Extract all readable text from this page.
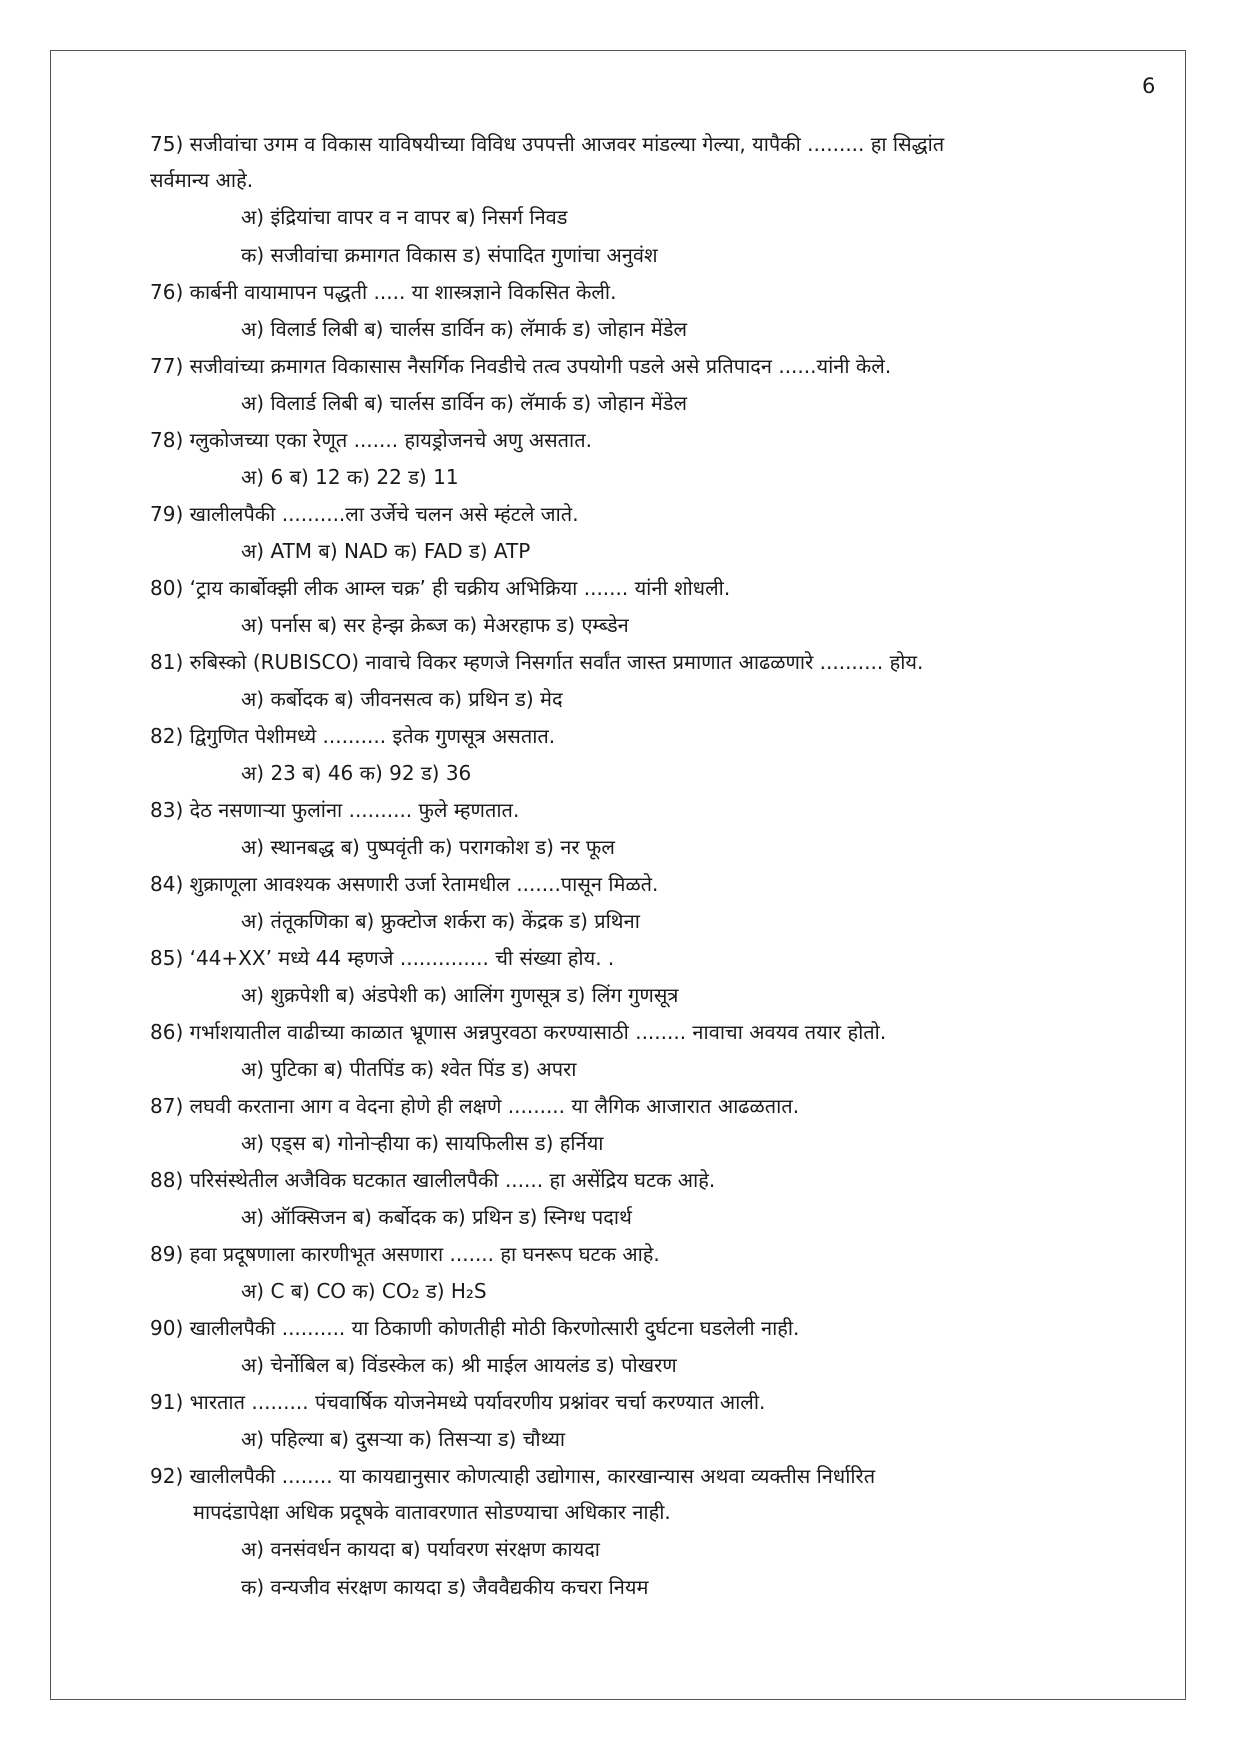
6
75) सजीवांचा उगम व विकास याविषयीच्या विविध उपपत्ती आजवर मांडल्या गेल्या, यापैकी ......... हा सिद्धांत
सर्वमान्य आहे.
अ) इंद्रियांचा वापर व न वापर ब) निसर्ग निवड
क) सजीवांचा क्रमागत विकास ड) संपादित गुणांचा अनुवंश
76) कार्बनी वायामापन पद्धती ..... या शास्त्रज्ञाने विकसित केली.
अ) विलार्ड लिबी ब) चार्लस डार्विन क) लॅमार्क ड) जोहान मेंडेल
77) सजीवांच्या क्रमागत विकासास नैसर्गिक निवडीचे तत्व उपयोगी पडले असे प्रतिपादन ......यांनी केले.
अ) विलार्ड लिबी ब) चार्लस डार्विन क) लॅमार्क ड) जोहान मेंडेल
78) ग्लुकोजच्या एका रेणूत ....... हायड्रोजनचे अणु असतात.
अ) 6 ब) 12 क) 22 ड) 11
79) खालीलपैकी ..........ला उर्जेचे चलन असे म्हंटले जाते.
अ) ATM ब) NAD क) FAD ड) ATP
80) ‘ट्राय कार्बोक्झी लीक आम्ल चक्र’ ही चक्रीय अभिक्रिया ....... यांनी शोधली.
अ) पर्नास ब) सर हेन्झ क्रेब्ज क) मेअरहाफ ड) एम्ब्डेन
81) रुबिस्को (RUBISCO) नावाचे विकर म्हणजे निसर्गात सर्वांत जास्त प्रमाणात आढळणारे .......... होय.
अ) कर्बोदक ब) जीवनसत्व क) प्रथिन ड) मेद
82) द्विगुणित पेशीमध्ये .......... इतेक गुणसूत्र असतात.
अ) 23 ब) 46 क) 92 ड) 36
83) देठ नसणाऱ्या फुलांना .......... फुले म्हणतात.
अ) स्थानबद्ध ब) पुष्पवृंती क) परागकोश ड) नर फूल
84) शुक्राणूला आवश्यक असणारी उर्जा रेतामधील .......पासून मिळते.
अ) तंतूकणिका ब) फ्रुक्टोज शर्करा क) केंद्रक ड) प्रथिना
85) ‘44+XX’ मध्ये 44 म्हणजे .............. ची संख्या होय. .
अ) शुक्रपेशी ब) अंडपेशी क) आलिंग गुणसूत्र ड) लिंग गुणसूत्र
86) गर्भाशयातील वाढीच्या काळात भ्रूणास अन्नपुरवठा करण्यासाठी ........ नावाचा अवयव तयार होतो.
अ) पुटिका ब) पीतपिंड क) श्वेत पिंड ड) अपरा
87) लघवी करताना आग व वेदना होणे ही लक्षणे ......... या लैगिक आजारात आढळतात.
अ) एड्स ब) गोनोऱ्हीया क) सायफिलीस ड) हर्निया
88) परिसंस्थेतील अजैविक घटकात खालीलपैकी ...... हा असेंद्रिय घटक आहे.
अ) ऑक्सिजन ब) कर्बोदक क) प्रथिन ड) स्निग्ध पदार्थ
89) हवा प्रदूषणाला कारणीभूत असणारा ....... हा घनरूप घटक आहे.
अ) C ब) CO क) CO₂ ड) H₂S
90) खालीलपैकी .......... या ठिकाणी कोणतीही मोठी किरणोत्सारी दुर्घटना घडलेली नाही.
अ) चेर्नोबिल ब) विंडस्केल क) श्री माईल आयलंड ड) पोखरण
91) भारतात ......... पंचवार्षिक योजनेमध्ये पर्यावरणीय प्रश्नांवर चर्चा करण्यात आली.
अ) पहिल्या ब) दुसऱ्या क) तिसऱ्या ड) चौथ्या
92) खालीलपैकी ........ या कायद्यानुसार कोणत्याही उद्योगास, कारखान्यास अथवा व्यक्तीस निर्धारित
मापदंडापेक्षा अधिक प्रदूषके वातावरणात सोडण्याचा अधिकार नाही.
अ) वनसंवर्धन कायदा ब) पर्यावरण संरक्षण कायदा
क) वन्यजीव संरक्षण कायदा ड) जैववैद्यकीय कचरा नियम
